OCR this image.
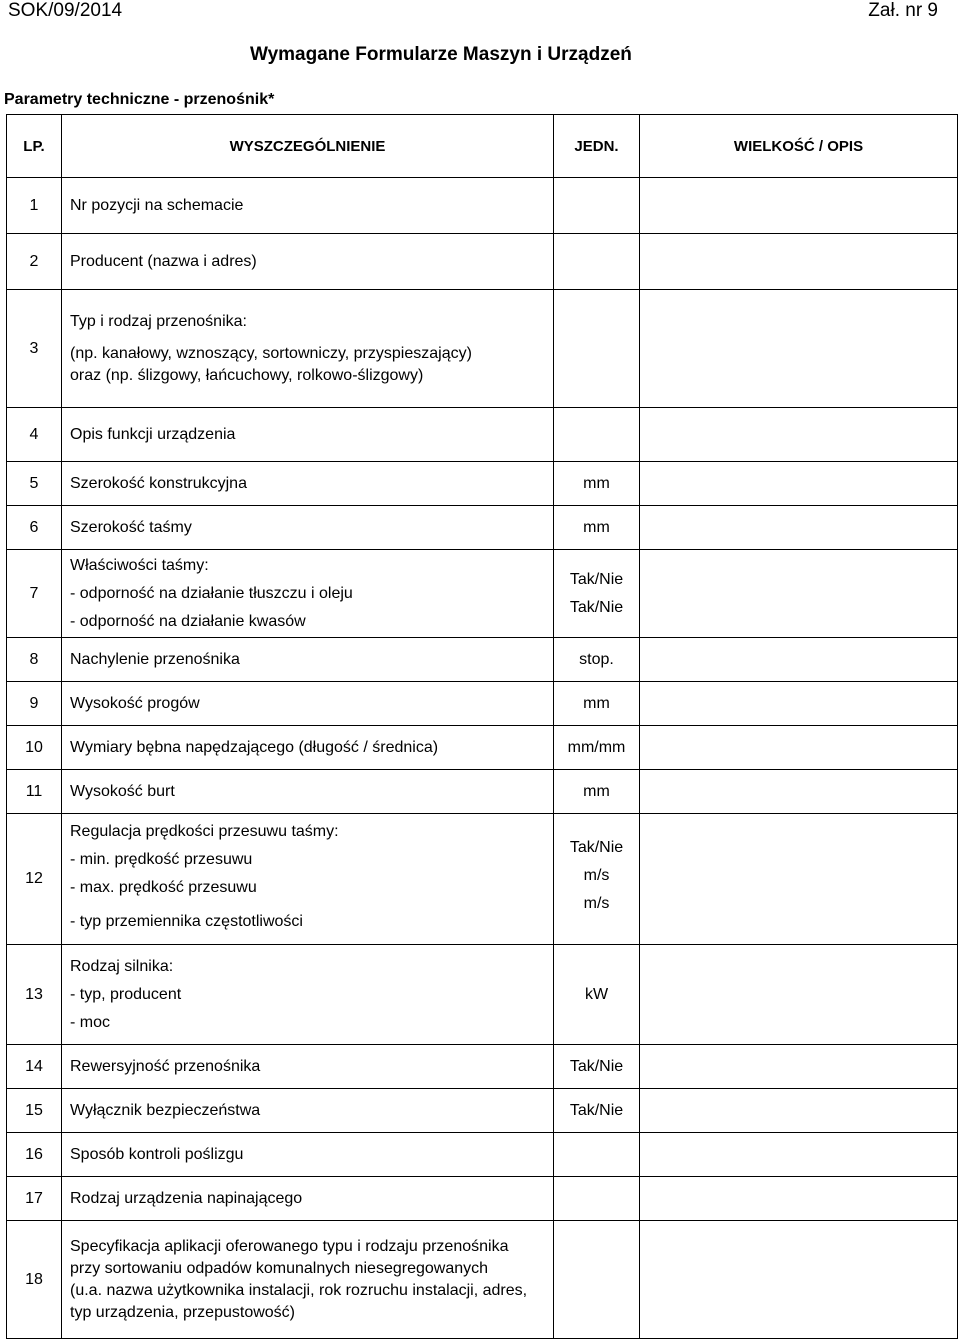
SOK/09/2014	Zał. nr 9
Wymagane Formularze Maszyn i Urządzeń
Parametry techniczne - przenośnik*
LP.	WYSZCZEGÓLNIENIE	JEDN.	WIELKOŚĆ / OPIS
1	Nr pozycji na schemacie		

2	Producent (nazwa i adres)		

3	Typ i rodzaj przenośnika:
(np. kanałowy, wznoszący, sortowniczy, przyspieszający)
oraz (np. ślizgowy, łańcuchowy, rolkowo-ślizgowy)		

4	Opis funkcji urządzenia		

5	Szerokość konstrukcyjna	mm	

6	Szerokość taśmy	mm	

7	Właściwości taśmy:
- odporność na działanie tłuszczu i oleju
- odporność na działanie kwasów	Tak/Nie
Tak/Nie	

8	Nachylenie przenośnika	stop.	

9	Wysokość progów	mm	

10	Wymiary bębna napędzającego (długość / średnica)	mm/mm	

11	Wysokość burt	mm	

12	Regulacja prędkości przesuwu taśmy:
- min. prędkość przesuwu
- max. prędkość przesuwu
- typ przemiennika częstotliwości	Tak/Nie
m/s
m/s	

13	Rodzaj silnika:
- typ, producent
- moc	kW	

14	Rewersyjność przenośnika	Tak/Nie	

15	Wyłącznik bezpieczeństwa	Tak/Nie	

16	Sposób kontroli poślizgu		

17	Rodzaj urządzenia napinającego		

18	Specyfikacja aplikacji oferowanego typu i rodzaju przenośnika
przy sortowaniu odpadów komunalnych niesegregowanych
(u.a. nazwa użytkownika instalacji, rok rozruchu instalacji, adres,
typ urządzenia, przepustowość)		
